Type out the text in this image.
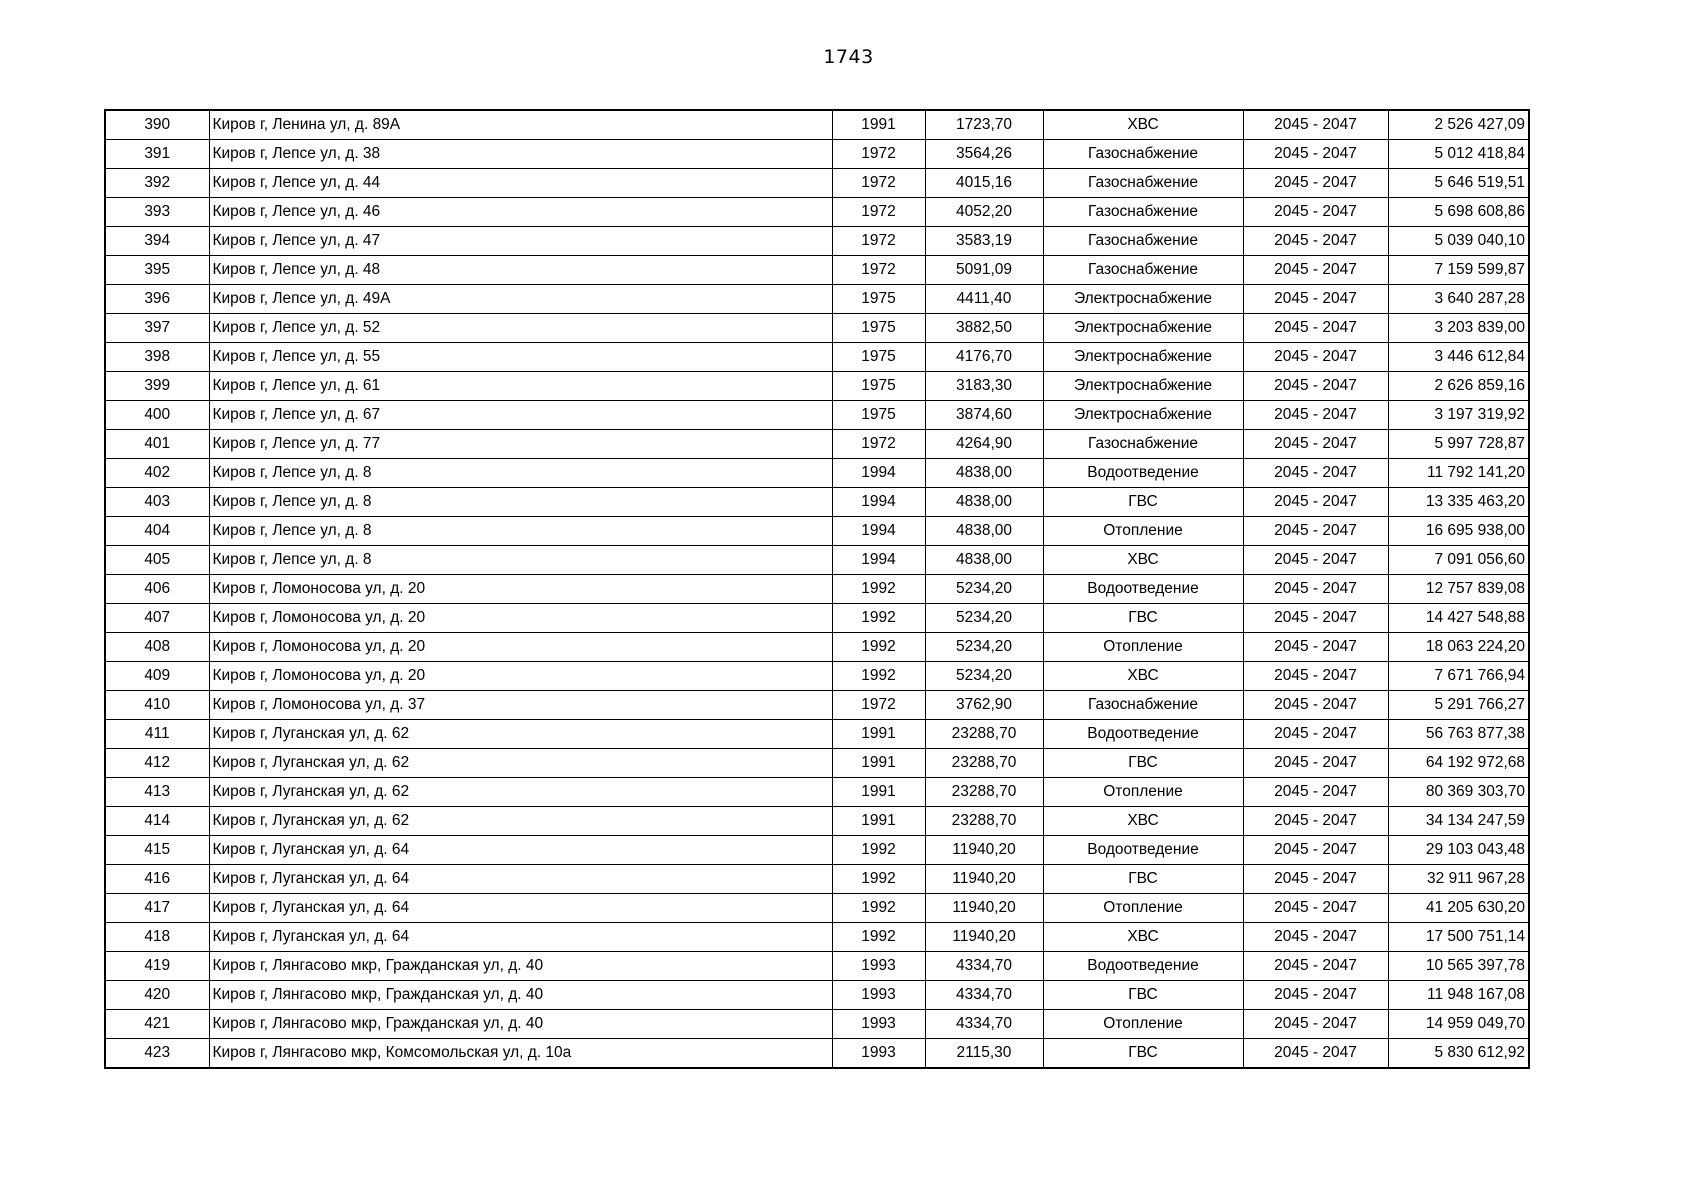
1743
390	Киров г, Ленина ул, д. 89А	1991	1723,70	ХВС	2045 - 2047	2 526 427,09
391	Киров г, Лепсе ул, д. 38	1972	3564,26	Газоснабжение	2045 - 2047	5 012 418,84
392	Киров г, Лепсе ул, д. 44	1972	4015,16	Газоснабжение	2045 - 2047	5 646 519,51
393	Киров г, Лепсе ул, д. 46	1972	4052,20	Газоснабжение	2045 - 2047	5 698 608,86
394	Киров г, Лепсе ул, д. 47	1972	3583,19	Газоснабжение	2045 - 2047	5 039 040,10
395	Киров г, Лепсе ул, д. 48	1972	5091,09	Газоснабжение	2045 - 2047	7 159 599,87
396	Киров г, Лепсе ул, д. 49А	1975	4411,40	Электроснабжение	2045 - 2047	3 640 287,28
397	Киров г, Лепсе ул, д. 52	1975	3882,50	Электроснабжение	2045 - 2047	3 203 839,00
398	Киров г, Лепсе ул, д. 55	1975	4176,70	Электроснабжение	2045 - 2047	3 446 612,84
399	Киров г, Лепсе ул, д. 61	1975	3183,30	Электроснабжение	2045 - 2047	2 626 859,16
400	Киров г, Лепсе ул, д. 67	1975	3874,60	Электроснабжение	2045 - 2047	3 197 319,92
401	Киров г, Лепсе ул, д. 77	1972	4264,90	Газоснабжение	2045 - 2047	5 997 728,87
402	Киров г, Лепсе ул, д. 8	1994	4838,00	Водоотведение	2045 - 2047	11 792 141,20
403	Киров г, Лепсе ул, д. 8	1994	4838,00	ГВС	2045 - 2047	13 335 463,20
404	Киров г, Лепсе ул, д. 8	1994	4838,00	Отопление	2045 - 2047	16 695 938,00
405	Киров г, Лепсе ул, д. 8	1994	4838,00	ХВС	2045 - 2047	7 091 056,60
406	Киров г, Ломоносова ул, д. 20	1992	5234,20	Водоотведение	2045 - 2047	12 757 839,08
407	Киров г, Ломоносова ул, д. 20	1992	5234,20	ГВС	2045 - 2047	14 427 548,88
408	Киров г, Ломоносова ул, д. 20	1992	5234,20	Отопление	2045 - 2047	18 063 224,20
409	Киров г, Ломоносова ул, д. 20	1992	5234,20	ХВС	2045 - 2047	7 671 766,94
410	Киров г, Ломоносова ул, д. 37	1972	3762,90	Газоснабжение	2045 - 2047	5 291 766,27
411	Киров г, Луганская ул, д. 62	1991	23288,70	Водоотведение	2045 - 2047	56 763 877,38
412	Киров г, Луганская ул, д. 62	1991	23288,70	ГВС	2045 - 2047	64 192 972,68
413	Киров г, Луганская ул, д. 62	1991	23288,70	Отопление	2045 - 2047	80 369 303,70
414	Киров г, Луганская ул, д. 62	1991	23288,70	ХВС	2045 - 2047	34 134 247,59
415	Киров г, Луганская ул, д. 64	1992	11940,20	Водоотведение	2045 - 2047	29 103 043,48
416	Киров г, Луганская ул, д. 64	1992	11940,20	ГВС	2045 - 2047	32 911 967,28
417	Киров г, Луганская ул, д. 64	1992	11940,20	Отопление	2045 - 2047	41 205 630,20
418	Киров г, Луганская ул, д. 64	1992	11940,20	ХВС	2045 - 2047	17 500 751,14
419	Киров г, Лянгасово мкр, Гражданская ул, д. 40	1993	4334,70	Водоотведение	2045 - 2047	10 565 397,78
420	Киров г, Лянгасово мкр, Гражданская ул, д. 40	1993	4334,70	ГВС	2045 - 2047	11 948 167,08
421	Киров г, Лянгасово мкр, Гражданская ул, д. 40	1993	4334,70	Отопление	2045 - 2047	14 959 049,70
423	Киров г, Лянгасово мкр, Комсомольская ул, д. 10а	1993	2115,30	ГВС	2045 - 2047	5 830 612,92
